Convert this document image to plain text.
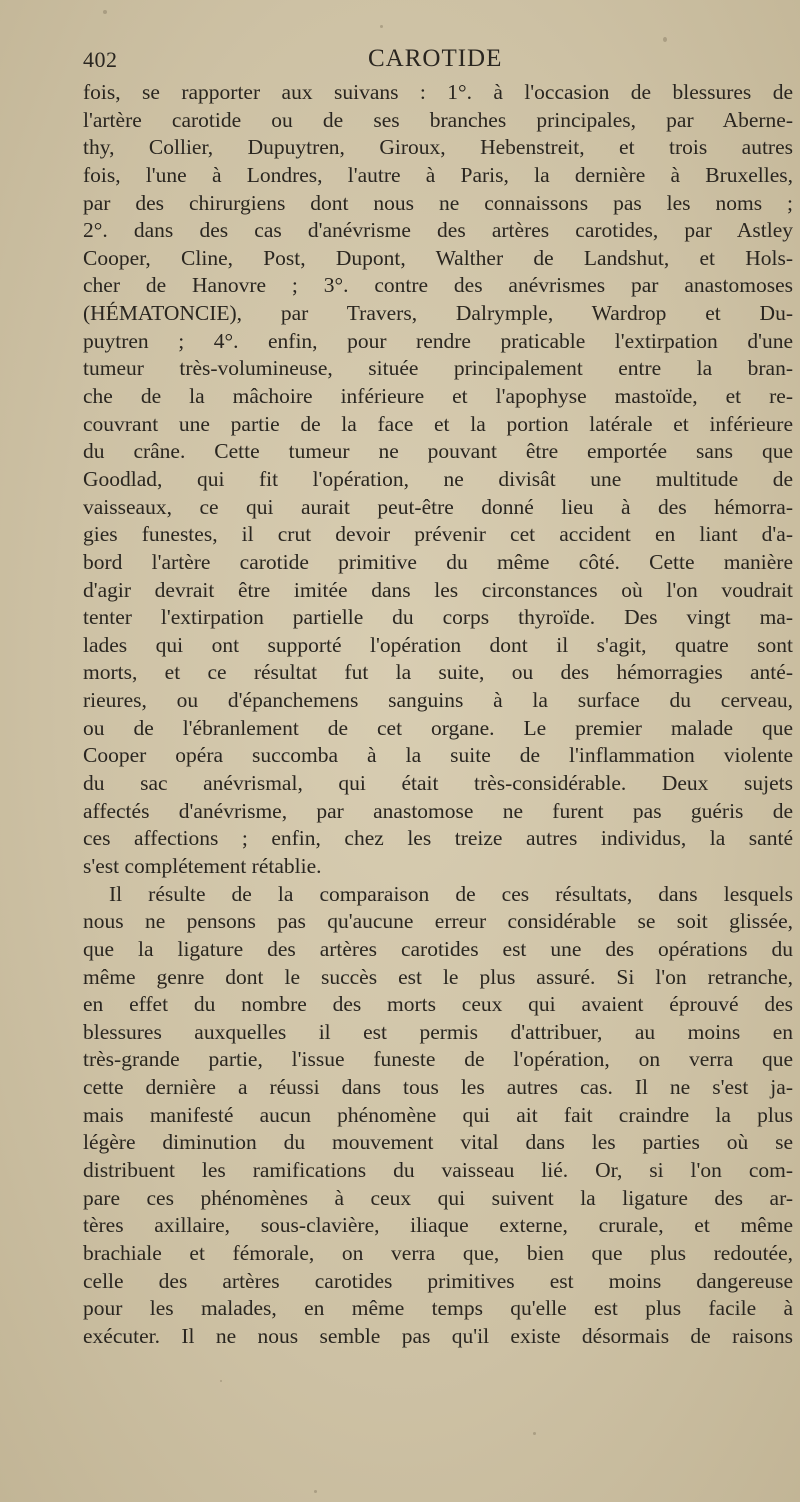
402	CAROTIDE
fois, se rapporter aux suivans : 1°. à l'occasion de blessures de
l'artère carotide ou de ses branches principales, par Aberne-
thy, Collier, Dupuytren, Giroux, Hebenstreit, et trois autres
fois, l'une à Londres, l'autre à Paris, la dernière à Bruxelles,
par des chirurgiens dont nous ne connaissons pas les noms ;
2°. dans des cas d'anévrisme des artères carotides, par Astley
Cooper, Cline, Post, Dupont, Walther de Landshut, et Hols-
cher de Hanovre ; 3°. contre des anévrismes par anastomoses
(HÉMATONCIE), par Travers, Dalrymple, Wardrop et Du-
puytren ; 4°. enfin, pour rendre praticable l'extirpation d'une
tumeur très-volumineuse, située principalement entre la bran-
che de la mâchoire inférieure et l'apophyse mastoïde, et re-
couvrant une partie de la face et la portion latérale et inférieure
du crâne. Cette tumeur ne pouvant être emportée sans que
Goodlad, qui fit l'opération, ne divisât une multitude de
vaisseaux, ce qui aurait peut-être donné lieu à des hémorra-
gies funestes, il crut devoir prévenir cet accident en liant d'a-
bord l'artère carotide primitive du même côté. Cette manière
d'agir devrait être imitée dans les circonstances où l'on voudrait
tenter l'extirpation partielle du corps thyroïde. Des vingt ma-
lades qui ont supporté l'opération dont il s'agit, quatre sont
morts, et ce résultat fut la suite, ou des hémorragies anté-
rieures, ou d'épanchemens sanguins à la surface du cerveau,
ou de l'ébranlement de cet organe. Le premier malade que
Cooper opéra succomba à la suite de l'inflammation violente
du sac anévrismal, qui était très-considérable. Deux sujets
affectés d'anévrisme, par anastomose ne furent pas guéris de
ces affections ; enfin, chez les treize autres individus, la santé
s'est complétement rétablie.
Il résulte de la comparaison de ces résultats, dans lesquels
nous ne pensons pas qu'aucune erreur considérable se soit glissée,
que la ligature des artères carotides est une des opérations du
même genre dont le succès est le plus assuré. Si l'on retranche,
en effet du nombre des morts ceux qui avaient éprouvé des
blessures auxquelles il est permis d'attribuer, au moins en
très-grande partie, l'issue funeste de l'opération, on verra que
cette dernière a réussi dans tous les autres cas. Il ne s'est ja-
mais manifesté aucun phénomène qui ait fait craindre la plus
légère diminution du mouvement vital dans les parties où se
distribuent les ramifications du vaisseau lié. Or, si l'on com-
pare ces phénomènes à ceux qui suivent la ligature des ar-
tères axillaire, sous-clavière, iliaque externe, crurale, et même
brachiale et fémorale, on verra que, bien que plus redoutée,
celle des artères carotides primitives est moins dangereuse
pour les malades, en même temps qu'elle est plus facile à
exécuter. Il ne nous semble pas qu'il existe désormais de raisons
